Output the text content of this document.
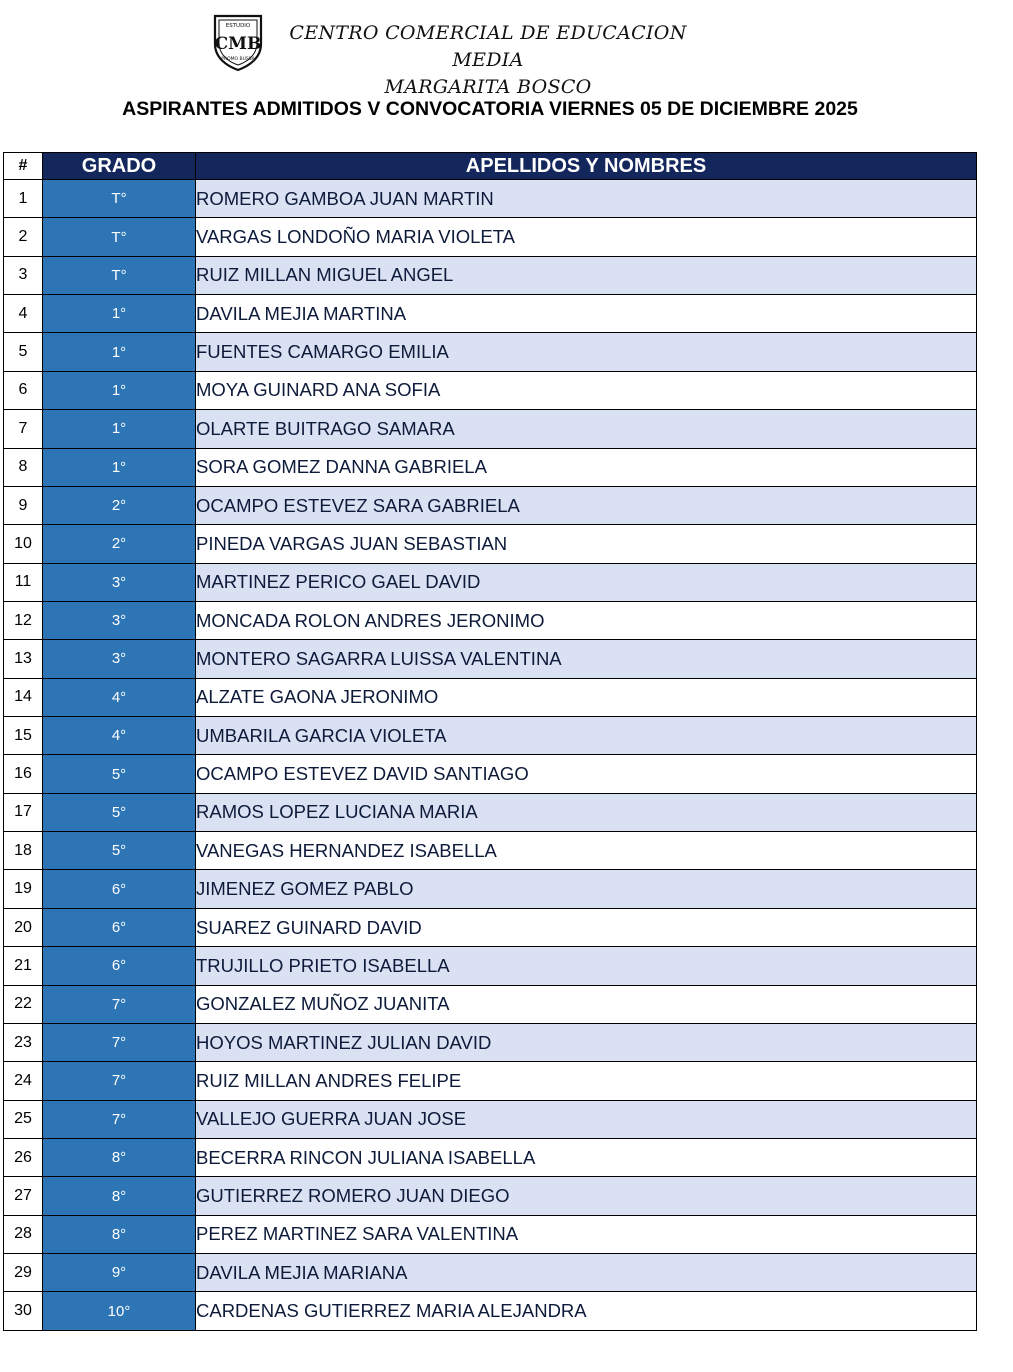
ESTUDIO
CMB
PROMO BUSSA
CENTRO COMERCIAL DE EDUCACION MEDIA
MARGARITA BOSCO
ASPIRANTES ADMITIDOS V CONVOCATORIA VIERNES 05 DE DICIEMBRE 2025
#	GRADO	APELLIDOS Y NOMBRES
1	T°	ROMERO GAMBOA JUAN MARTIN
2	T°	VARGAS LONDOÑO MARIA VIOLETA
3	T°	RUIZ MILLAN MIGUEL ANGEL
4	1°	DAVILA MEJIA MARTINA
5	1°	FUENTES CAMARGO EMILIA
6	1°	MOYA GUINARD ANA SOFIA
7	1°	OLARTE BUITRAGO SAMARA
8	1°	SORA GOMEZ DANNA GABRIELA
9	2°	OCAMPO ESTEVEZ SARA GABRIELA
10	2°	PINEDA VARGAS JUAN SEBASTIAN
11	3°	MARTINEZ PERICO GAEL DAVID
12	3°	MONCADA ROLON ANDRES JERONIMO
13	3°	MONTERO SAGARRA LUISSA VALENTINA
14	4°	ALZATE GAONA JERONIMO
15	4°	UMBARILA GARCIA VIOLETA
16	5°	OCAMPO ESTEVEZ DAVID SANTIAGO
17	5°	RAMOS LOPEZ LUCIANA MARIA
18	5°	VANEGAS HERNANDEZ ISABELLA
19	6°	JIMENEZ GOMEZ PABLO
20	6°	SUAREZ GUINARD DAVID
21	6°	TRUJILLO PRIETO ISABELLA
22	7°	GONZALEZ MUÑOZ JUANITA
23	7°	HOYOS MARTINEZ JULIAN DAVID
24	7°	RUIZ MILLAN ANDRES FELIPE
25	7°	VALLEJO GUERRA JUAN JOSE
26	8°	BECERRA RINCON JULIANA ISABELLA
27	8°	GUTIERREZ ROMERO JUAN DIEGO
28	8°	PEREZ MARTINEZ SARA VALENTINA
29	9°	DAVILA MEJIA MARIANA
30	10°	CARDENAS GUTIERREZ MARIA ALEJANDRA
